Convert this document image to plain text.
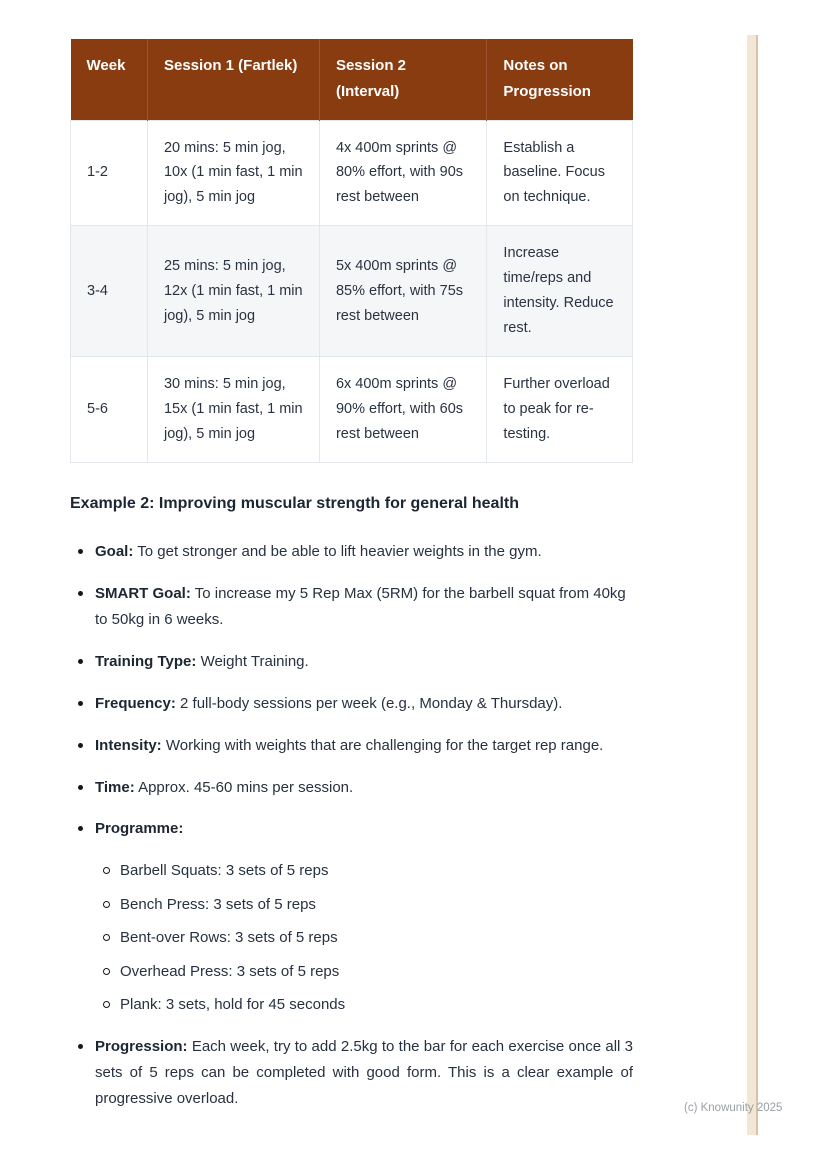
Week	Session 1 (Fartlek)	Session 2 (Interval)	Notes on Progression
1-2	20 mins: 5 min jog, 10x (1 min fast, 1 min jog), 5 min jog	4x 400m sprints @ 80% effort, with 90s rest between	Establish a baseline. Focus on technique.
3-4	25 mins: 5 min jog, 12x (1 min fast, 1 min jog), 5 min jog	5x 400m sprints @ 85% effort, with 75s rest between	Increase time/reps and intensity. Reduce rest.
5-6	30 mins: 5 min jog, 15x (1 min fast, 1 min jog), 5 min jog	6x 400m sprints @ 90% effort, with 60s rest between	Further overload to peak for re-testing.
Example 2: Improving muscular strength for general health
Goal: To get stronger and be able to lift heavier weights in the gym.
SMART Goal: To increase my 5 Rep Max (5RM) for the barbell squat from 40kg to 50kg in 6 weeks.
Training Type: Weight Training.
Frequency: 2 full-body sessions per week (e.g., Monday & Thursday).
Intensity: Working with weights that are challenging for the target rep range.
Time: Approx. 45-60 mins per session.
Programme:
Barbell Squats: 3 sets of 5 reps
Bench Press: 3 sets of 5 reps
Bent-over Rows: 3 sets of 5 reps
Overhead Press: 3 sets of 5 reps
Plank: 3 sets, hold for 45 seconds
Progression: Each week, try to add 2.5kg to the bar for each exercise once all 3 sets of 5 reps can be completed with good form. This is a clear example of progressive overload.
(c) Knowunity 2025
